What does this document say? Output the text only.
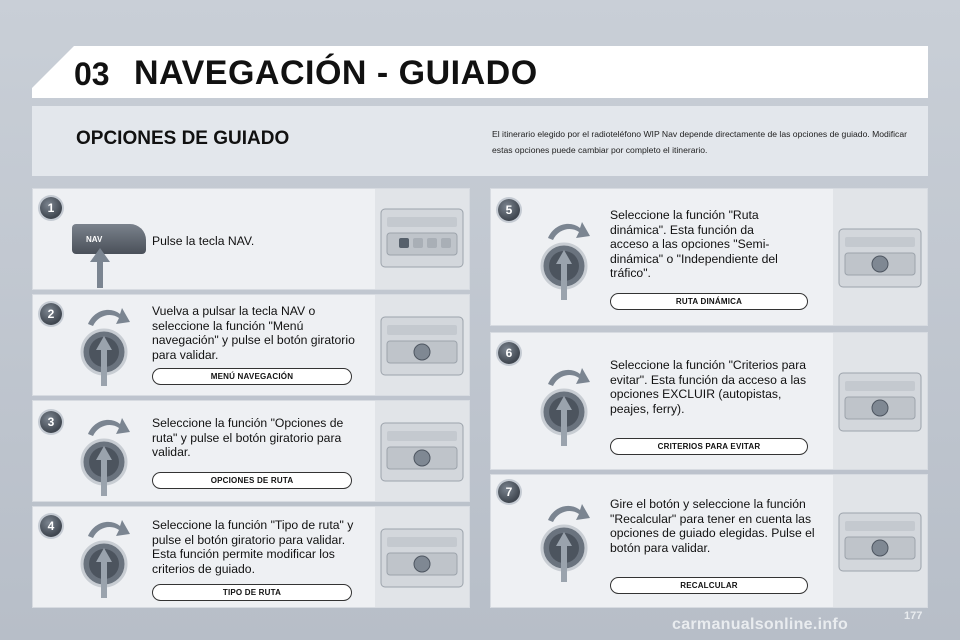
03 NAVEGACIÓN - GUIADO
OPCIONES DE GUIADO	El itinerario elegido por el radioteléfono WIP Nav depende directamente de las opciones de guiado. Modificar estas opciones puede cambiar por completo el itinerario.
1
NAV	Pulse la tecla NAV.
2	Vuelva a pulsar la tecla NAV o seleccione la función "Menú navegación" y pulse el botón giratorio para validar.
MENÚ NAVEGACIÓN
3	Seleccione la función "Opciones de ruta" y pulse el botón giratorio para validar.
OPCIONES DE RUTA
4	Seleccione la función "Tipo de ruta" y pulse el botón giratorio para validar. Esta función permite modificar los criterios de guiado.
TIPO DE RUTA
5	Seleccione la función "Ruta dinámica". Esta función da acceso a las opciones "Semi-dinámica" o "Independiente del tráfico".
RUTA DINÁMICA
6
Seleccione la función "Criterios para evitar". Esta función da acceso a las opciones EXCLUIR (autopistas, peajes, ferry).
CRITERIOS PARA EVITAR
7
Gire el botón y seleccione la función "Recalcular" para tener en cuenta las opciones de guiado elegidas. Pulse el botón para validar.
RECALCULAR
177
carmanualsonline.info
